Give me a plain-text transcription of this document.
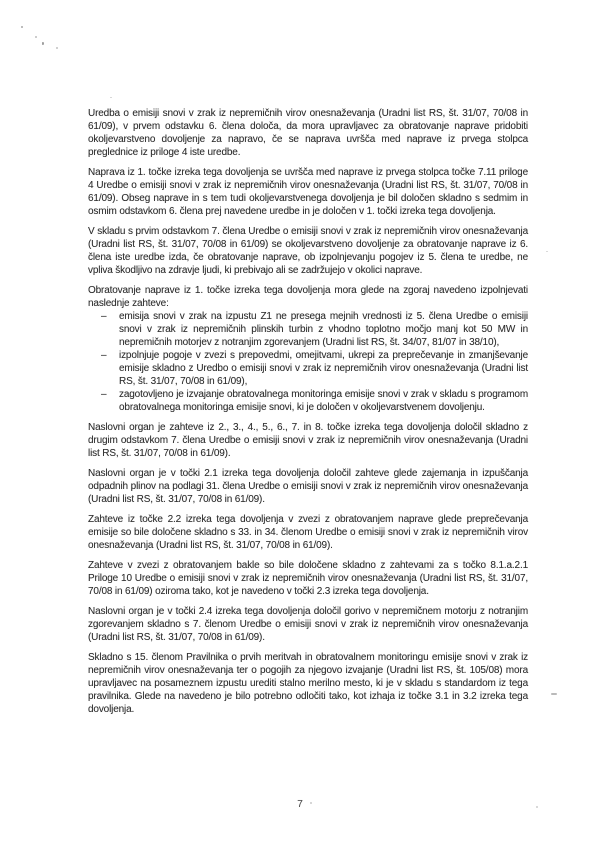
Uredba o emisiji snovi v zrak iz nepremičnih virov onesnaževanja (Uradni list RS, št. 31/07, 70/08 in 61/09), v prvem odstavku 6. člena določa, da mora upravljavec za obratovanje naprave pridobiti okoljevarstveno dovoljenje za napravo, če se naprava uvršča med naprave iz prvega stolpca preglednice iz priloge 4 iste uredbe.

Naprava iz 1. točke izreka tega dovoljenja se uvršča med naprave iz prvega stolpca točke 7.11 priloge 4 Uredbe o emisiji snovi v zrak iz nepremičnih virov onesnaževanja (Uradni list RS, št. 31/07, 70/08 in 61/09). Obseg naprave in s tem tudi okoljevarstvenega dovoljenja je bil določen skladno s sedmim in osmim odstavkom 6. člena prej navedene uredbe in je določen v 1. točki izreka tega dovoljenja.

V skladu s prvim odstavkom 7. člena Uredbe o emisiji snovi v zrak iz nepremičnih virov onesnaževanja (Uradni list RS, št. 31/07, 70/08 in 61/09) se okoljevarstveno dovoljenje za obratovanje naprave iz 6. člena iste uredbe izda, če obratovanje naprave, ob izpolnjevanju pogojev iz 5. člena te uredbe, ne vpliva škodljivo na zdravje ljudi, ki prebivajo ali se zadržujejo v okolici naprave.

Obratovanje naprave iz 1. točke izreka tega dovoljenja mora glede na zgoraj navedeno izpolnjevati naslednje zahteve:

– emisija snovi v zrak na izpustu Z1 ne presega mejnih vrednosti iz 5. člena Uredbe o emisiji snovi v zrak iz nepremičnih plinskih turbin z vhodno toplotno močjo manj kot 50 MW in nepremičnih motorjev z notranjim zgorevanjem (Uradni list RS, št. 34/07, 81/07 in 38/10),
– izpolnjuje pogoje v zvezi s prepovedmi, omejitvami, ukrepi za preprečevanje in zmanjševanje emisije skladno z Uredbo o emisiji snovi v zrak iz nepremičnih virov onesnaževanja (Uradni list RS, št. 31/07, 70/08 in 61/09),
– zagotovljeno je izvajanje obratovalnega monitoringa emisije snovi v zrak v skladu s programom obratovalnega monitoringa emisije snovi, ki je določen v okoljevarstvenem dovoljenju.

Naslovni organ je zahteve iz 2., 3., 4., 5., 6., 7. in 8. točke izreka tega dovoljenja določil skladno z drugim odstavkom 7. člena Uredbe o emisiji snovi v zrak iz nepremičnih virov onesnaževanja (Uradni list RS, št. 31/07, 70/08 in 61/09).

Naslovni organ je v točki 2.1 izreka tega dovoljenja določil zahteve glede zajemanja in izpuščanja odpadnih plinov na podlagi 31. člena Uredbe o emisiji snovi v zrak iz nepremičnih virov onesnaževanja (Uradni list RS, št. 31/07, 70/08 in 61/09).

Zahteve iz točke 2.2 izreka tega dovoljenja v zvezi z obratovanjem naprave glede preprečevanja emisije so bile določene skladno s 33. in 34. členom Uredbe o emisiji snovi v zrak iz nepremičnih virov onesnaževanja (Uradni list RS, št. 31/07, 70/08 in 61/09).

Zahteve v zvezi z obratovanjem bakle so bile določene skladno z zahtevami za s točko 8.1.a.2.1 Priloge 10 Uredbe o emisiji snovi v zrak iz nepremičnih virov onesnaževanja (Uradni list RS, št. 31/07, 70/08 in 61/09) oziroma tako, kot je navedeno v točki 2.3 izreka tega dovoljenja.

Naslovni organ je v točki 2.4 izreka tega dovoljenja določil gorivo v nepremičnem motorju z notranjim zgorevanjem skladno s 7. členom Uredbe o emisiji snovi v zrak iz nepremičnih virov onesnaževanja (Uradni list RS, št. 31/07, 70/08 in 61/09).

Skladno s 15. členom Pravilnika o prvih meritvah in obratovalnem monitoringu emisije snovi v zrak iz nepremičnih virov onesnaževanja ter o pogojih za njegovo izvajanje (Uradni list RS, št. 105/08) mora upravljavec na posameznem izpustu urediti stalno merilno mesto, ki je v skladu s standardom iz tega pravilnika. Glede na navedeno je bilo potrebno odločiti tako, kot izhaja iz točke 3.1 in 3.2 izreka tega dovoljenja.

7
